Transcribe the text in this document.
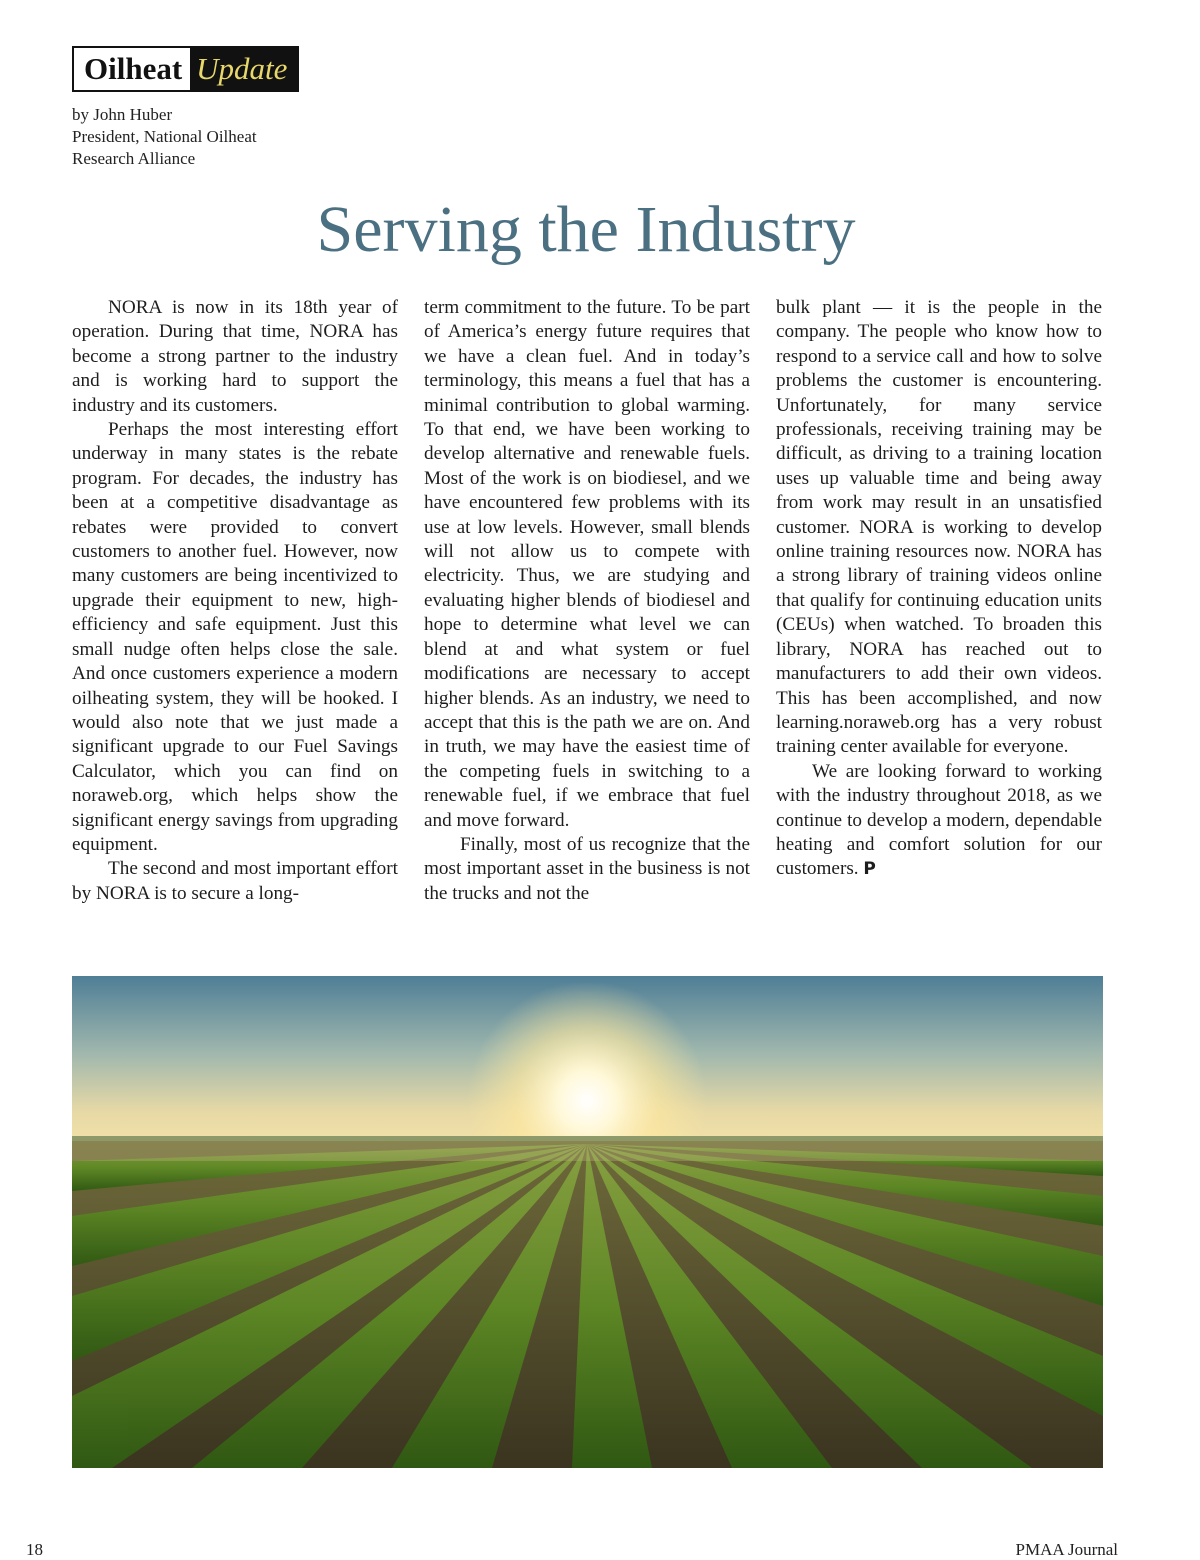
Oilheat Update
by John Huber
President, National Oilheat
Research Alliance
Serving the Industry

NORA is now in its 18th year of operation. During that time, NORA has become a strong partner to the industry and is working hard to support the industry and its customers.

Perhaps the most interesting effort underway in many states is the rebate program. For decades, the industry has been at a competitive disadvantage as rebates were provided to convert customers to another fuel. However, now many customers are being incentivized to upgrade their equipment to new, high-efficiency and safe equipment. Just this small nudge often helps close the sale. And once customers experience a modern oilheating system, they will be hooked. I would also note that we just made a significant upgrade to our Fuel Savings Calculator, which you can find on noraweb.org, which helps show the significant energy savings from upgrading equipment.

The second and most important effort by NORA is to secure a long-

term commitment to the future. To be part of America’s energy future requires that we have a clean fuel. And in today’s terminology, this means a fuel that has a minimal contribution to global warming. To that end, we have been working to develop alternative and renewable fuels. Most of the work is on biodiesel, and we have encountered few problems with its use at low levels. However, small blends will not allow us to compete with electricity. Thus, we are studying and evaluating higher blends of biodiesel and hope to determine what level we can blend at and what system or fuel modifications are necessary to accept higher blends. As an industry, we need to accept that this is the path we are on. And in truth, we may have the easiest time of the competing fuels in switching to a renewable fuel, if we embrace that fuel and move forward.

Finally, most of us recognize that the most important asset in the business is not the trucks and not the

bulk plant — it is the people in the company. The people who know how to respond to a service call and how to solve problems the customer is encountering. Unfortunately, for many service professionals, receiving training may be difficult, as driving to a training location uses up valuable time and being away from work may result in an unsatisfied customer. NORA is working to develop online training resources now. NORA has a strong library of training videos online that qualify for continuing education units (CEUs) when watched. To broaden this library, NORA has reached out to manufacturers to add their own videos. This has been accomplished, and now learning.noraweb.org has a very robust training center available for everyone.

We are looking forward to working with the industry throughout 2018, as we continue to develop a modern, dependable heating and comfort solution for our customers. P

18	PMAA Journal
